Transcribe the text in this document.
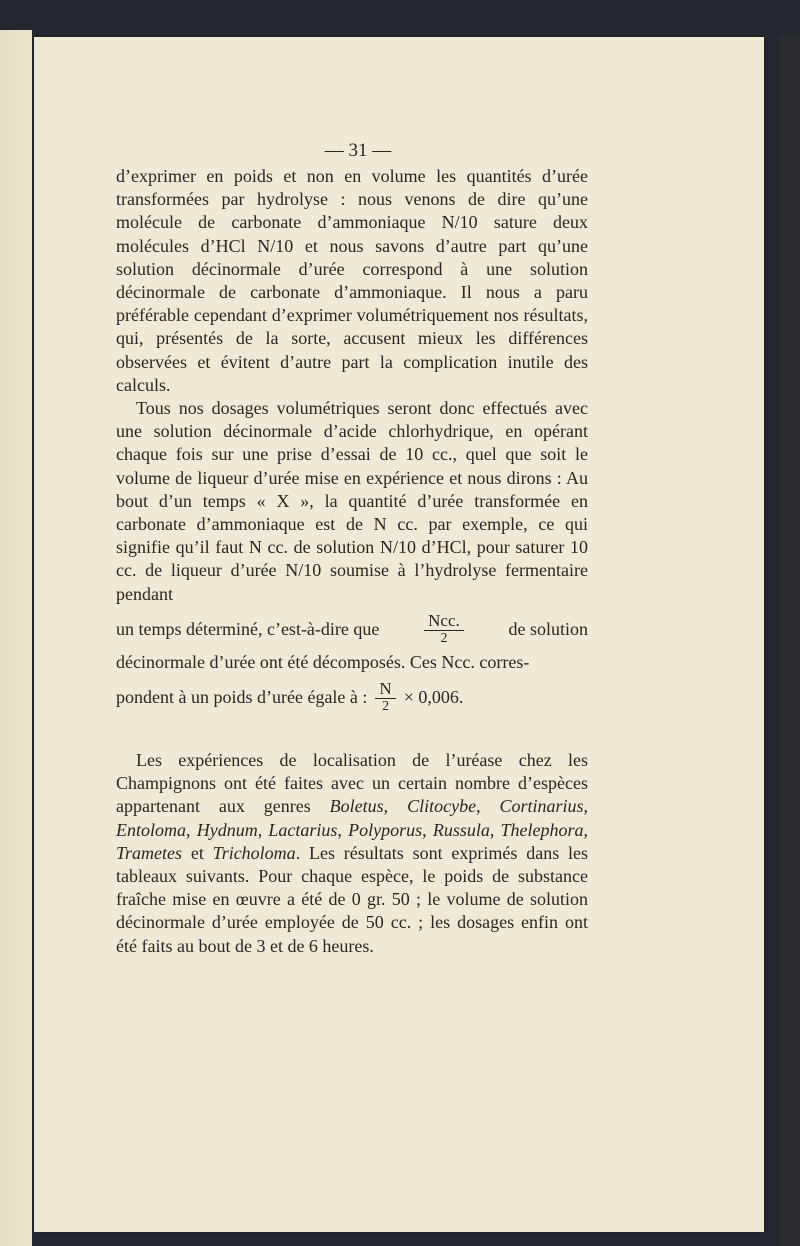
— 31 —

d’exprimer en poids et non en volume les quantités d’urée transformées par hydrolyse : nous venons de dire qu’une molécule de carbonate d’ammoniaque N/10 sature deux molécules d’HCl N/10 et nous savons d’autre part qu’une solution décinormale d’urée correspond à une solution décinormale de carbonate d’ammoniaque. Il nous a paru préférable cependant d’exprimer volumétriquement nos résultats, qui, présentés de la sorte, accusent mieux les différences observées et évitent d’autre part la complication inutile des calculs.

Tous nos dosages volumétriques seront donc effectués avec une solution décinormale d’acide chlorhydrique, en opérant chaque fois sur une prise d’essai de 10 cc., quel que soit le volume de liqueur d’urée mise en expérience et nous dirons : Au bout d’un temps « X », la quantité d’urée transformée en carbonate d’ammoniaque est de N cc. par exemple, ce qui signifie qu’il faut N cc. de solution N/10 d’HCl, pour saturer 10 cc. de liqueur d’urée N/10 soumise à l’hydrolyse fermentaire pendant

un temps déterminé, c’est-à-dire que	$\frac{\text{Ncc.}}{2}$ de solution

décinormale d’urée ont été décomposés. Ces Ncc. corres-

pondent à un poids d’urée égale à : $\frac{N}{2} \times 0,006$.

Les expériences de localisation de l’uréase chez les Champignons ont été faites avec un certain nombre d’espèces appartenant aux genres Boletus, Clitocybe, Cortinarius, Entoloma, Hydnum, Lactarius, Polyporus, Russula, Thelephora, Trametes et Tricholoma. Les résultats sont exprimés dans les tableaux suivants. Pour chaque espèce, le poids de substance fraîche mise en œuvre a été de 0 gr. 50 ; le volume de solution décinormale d’urée employée de 50 cc. ; les dosages enfin ont été faits au bout de 3 et de 6 heures.
